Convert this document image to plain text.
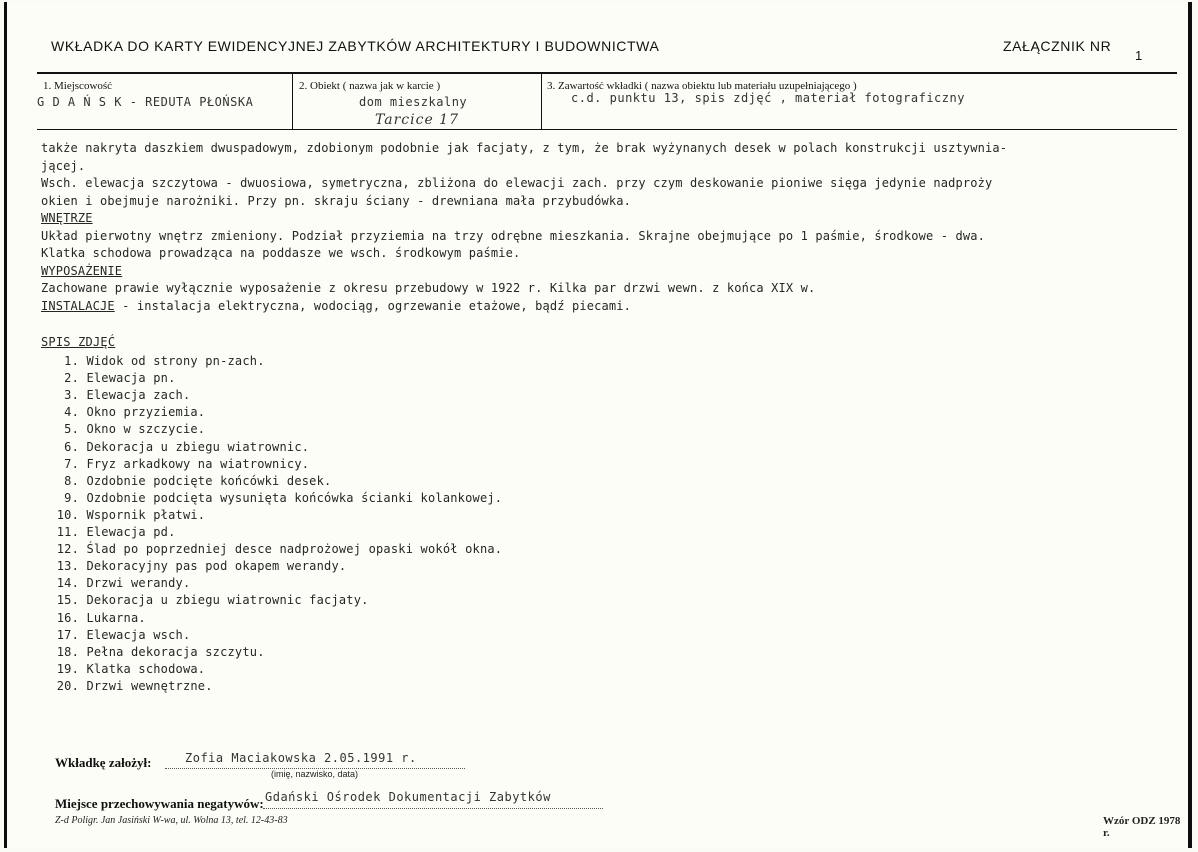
WKŁADKA DO KARTY EWIDENCYJNEJ ZABYTKÓW ARCHITEKTURY I BUDOWNICTWA	ZAŁĄCZNIK NR
1
1. Miejscowość
G D A Ń S K - REDUTA PŁOŃSKA
2. Obiekt ( nazwa jak w karcie )
dom mieszkalny
Tarcice 17
3. Zawartość wkładki ( nazwa obiektu lub materiału uzupełniającego )
c.d. punktu 13, spis zdjęć , materiał fotograficzny
także nakryta daszkiem dwuspadowym, zdobionym podobnie jak facjaty, z tym, że brak wyżynanych desek w polach konstrukcji usztywnia-
jącej.
Wsch. elewacja szczytowa - dwuosiowa, symetryczna, zbliżona do elewacji zach. przy czym deskowanie pioniwe sięga jedynie nadproży
okien i obejmuje narożniki. Przy pn. skraju ściany - drewniana mała przybudówka.
WNĘTRZE
Układ pierwotny wnętrz zmieniony. Podział przyziemia na trzy odrębne mieszkania. Skrajne obejmujące po 1 paśmie, środkowe - dwa.
Klatka schodowa prowadząca na poddasze we wsch. środkowym paśmie.
WYPOSAŻENIE
Zachowane prawie wyłącznie wyposażenie z okresu przebudowy w 1922 r. Kilka par drzwi wewn. z końca XIX w.
INSTALACJE - instalacja elektryczna, wodociąg, ogrzewanie etażowe, bądź piecami.
SPIS ZDJĘĆ
1. Widok od strony pn-zach.
2. Elewacja pn.
3. Elewacja zach.
4. Okno przyziemia.
5. Okno w szczycie.
6. Dekoracja u zbiegu wiatrownic.
7. Fryz arkadkowy na wiatrownicy.
8. Ozdobnie podcięte końcówki desek.
9. Ozdobnie podcięta wysunięta końcówka ścianki kolankowej.
10. Wspornik płatwi.
11. Elewacja pd.
12. Ślad po poprzedniej desce nadprożowej opaski wokół okna.
13. Dekoracyjny pas pod okapem werandy.
14. Drzwi werandy.
15. Dekoracja u zbiegu wiatrownic facjaty.
16. Lukarna.
17. Elewacja wsch.
18. Pełna dekoracja szczytu.
19. Klatka schodowa.
20. Drzwi wewnętrzne.
Wkładkę założył:	Zofia Maciakowska 2.05.1991 r.
(imię, nazwisko, data)
Miejsce przechowywania negatywów: Gdański Ośrodek Dokumentacji Zabytków
Z-d Poligr. Jan Jasiński W-wa, ul. Wolna 13, tel. 12-43-83	Wzór ODZ 1978 r.
